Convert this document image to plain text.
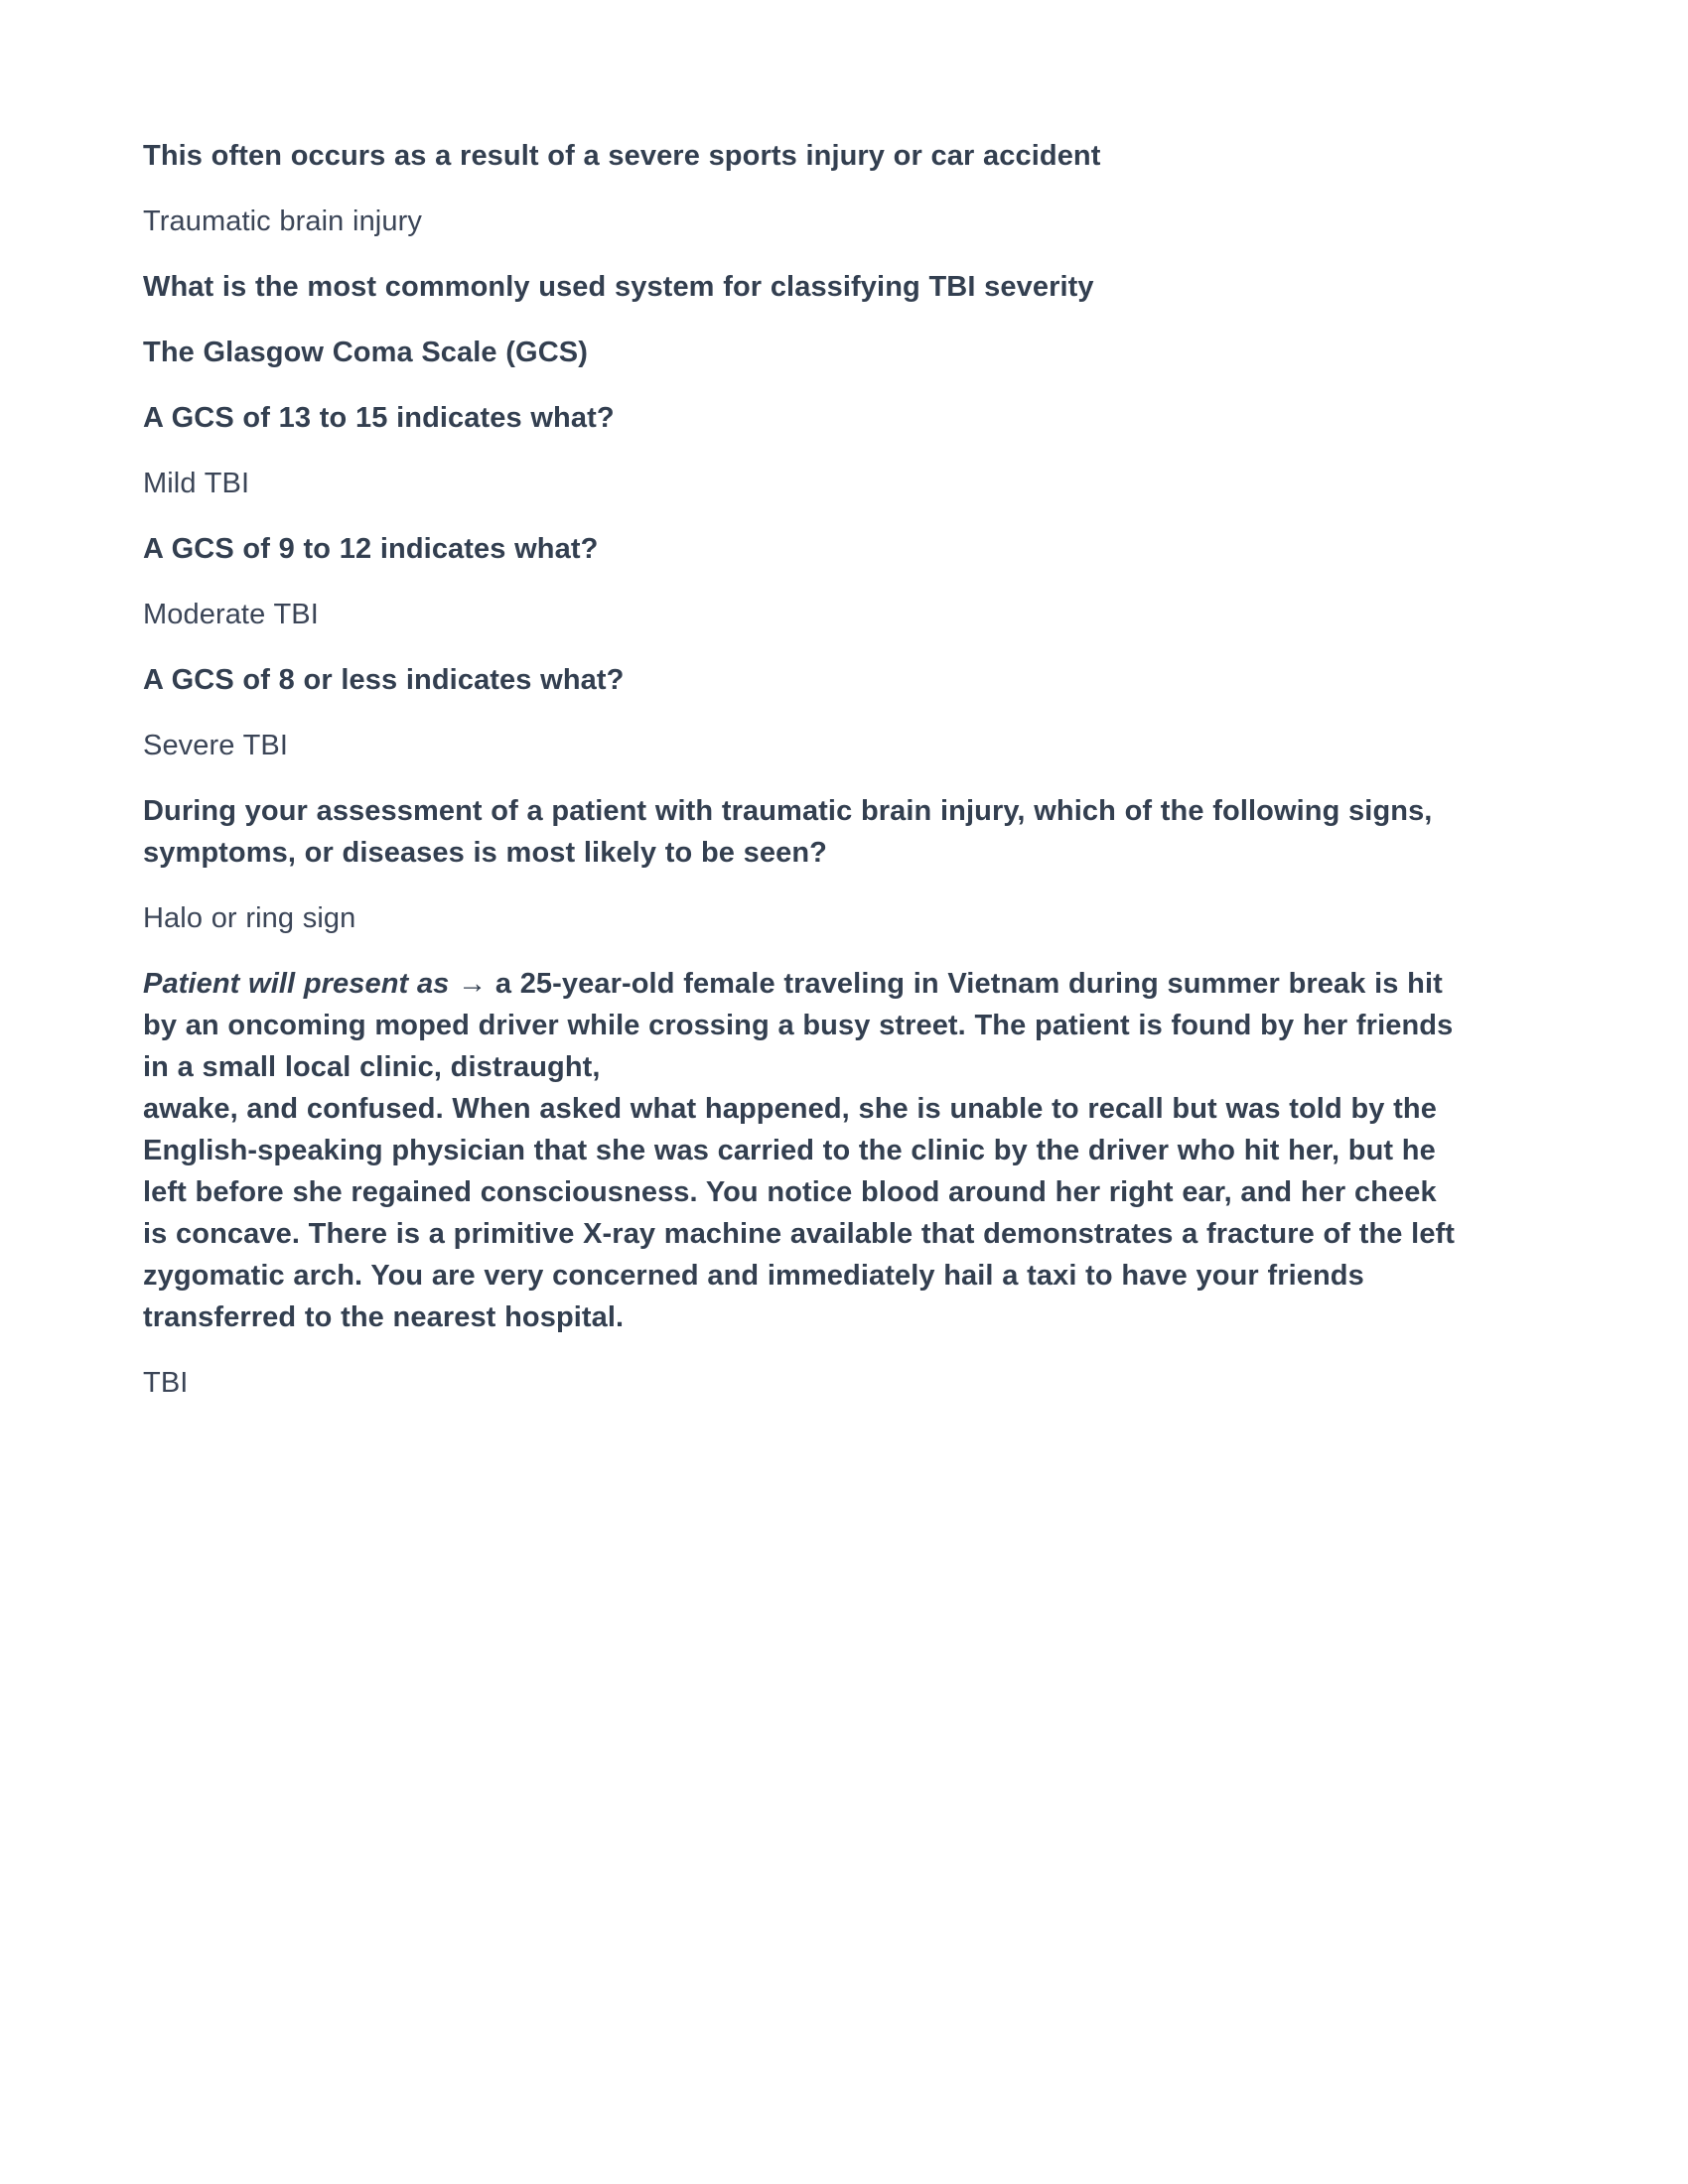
This often occurs as a result of a severe sports injury or car accident

Traumatic brain injury

What is the most commonly used system for classifying TBI severity

The Glasgow Coma Scale (GCS)

A GCS of 13 to 15 indicates what?

Mild TBI

A GCS of 9 to 12 indicates what?

Moderate TBI

A GCS of 8 or less indicates what?

Severe TBI

During your assessment of a patient with traumatic brain injury, which of the following signs, symptoms, or diseases is most likely to be seen?

Halo or ring sign

Patient will present as → a 25-year-old female traveling in Vietnam during summer break is hit by an oncoming moped driver while crossing a busy street. The patient is found by her friends in a small local clinic, distraught,
awake, and confused. When asked what happened, she is unable to recall but was told by the English-speaking physician that she was carried to the clinic by the driver who hit her, but he left before she regained consciousness. You notice blood around her right ear, and her cheek is concave. There is a primitive X-ray machine available that demonstrates a fracture of the left zygomatic arch. You are very concerned and immediately hail a taxi to have your friends transferred to the nearest hospital.

TBI
